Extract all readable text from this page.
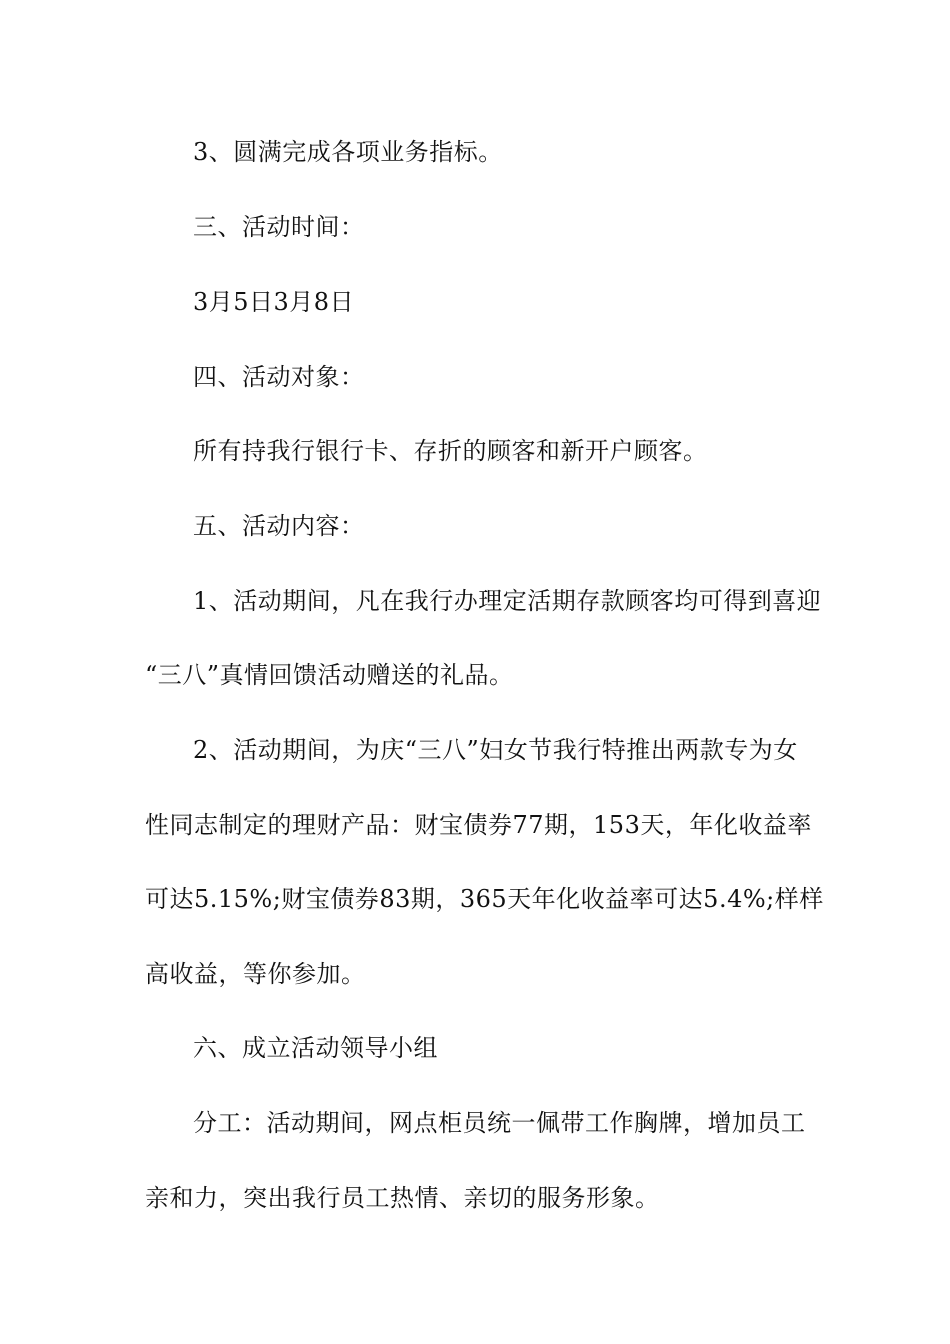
3、圆满完成各项业务指标。
三、活动时间：
3月5日3月8日
四、活动对象：
所有持我行银行卡、存折的顾客和新开户顾客。
五、活动内容：
1、活动期间，凡在我行办理定活期存款顾客均可得到喜迎
“三八”真情回馈活动赠送的礼品。
2、活动期间，为庆“三八”妇女节我行特推出两款专为女
性同志制定的理财产品：财宝债券77期，153天，年化收益率
可达5.15%;财宝债券83期，365天年化收益率可达5.4%;样样
高收益，等你参加。
六、成立活动领导小组
分工：活动期间，网点柜员统一佩带工作胸牌，增加员工
亲和力，突出我行员工热情、亲切的服务形象。
